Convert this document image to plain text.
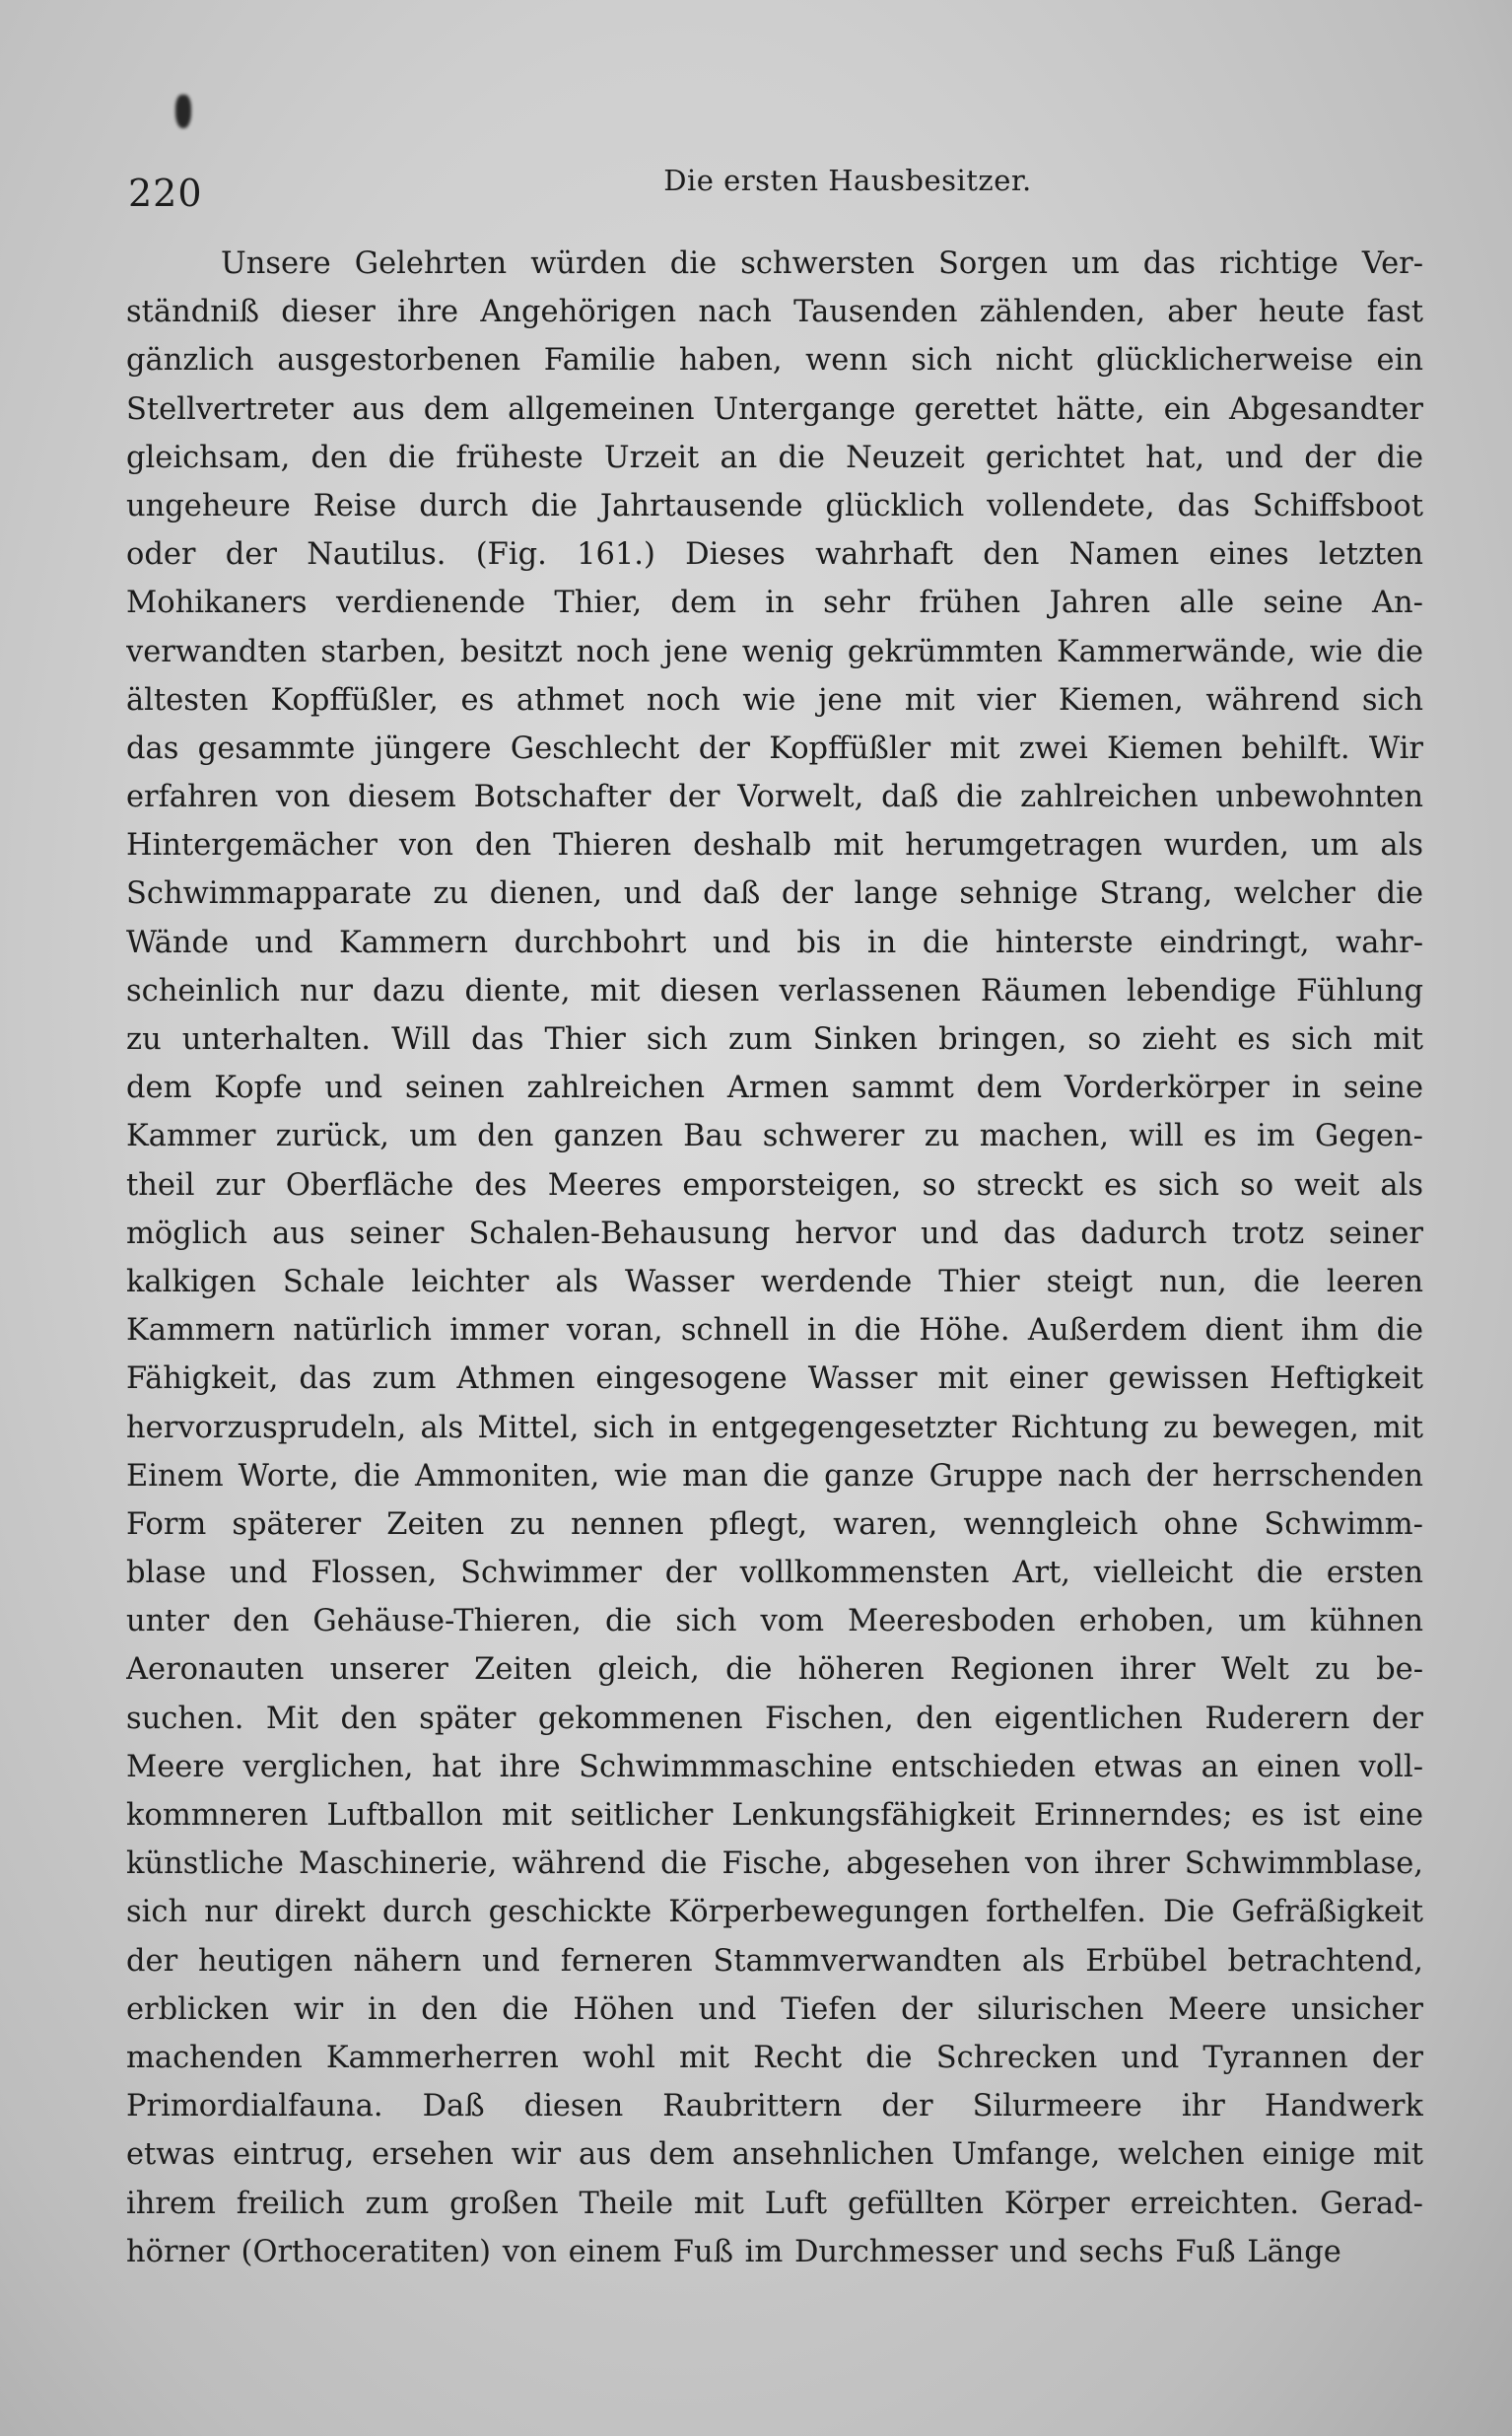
220	Die ersten Hausbesitzer.
Unsere Gelehrten würden die schwersten Sorgen um das richtige Ver-
ständniß dieser ihre Angehörigen nach Tausenden zählenden, aber heute fast
gänzlich ausgestorbenen Familie haben, wenn sich nicht glücklicherweise ein
Stellvertreter aus dem allgemeinen Untergange gerettet hätte, ein Abgesandter
gleichsam, den die früheste Urzeit an die Neuzeit gerichtet hat, und der die
ungeheure Reise durch die Jahrtausende glücklich vollendete, das Schiffsboot
oder der Nautilus. (Fig. 161.) Dieses wahrhaft den Namen eines letzten
Mohikaners verdienende Thier, dem in sehr frühen Jahren alle seine An-
verwandten starben, besitzt noch jene wenig gekrümmten Kammerwände, wie die
ältesten Kopffüßler, es athmet noch wie jene mit vier Kiemen, während sich
das gesammte jüngere Geschlecht der Kopffüßler mit zwei Kiemen behilft. Wir
erfahren von diesem Botschafter der Vorwelt, daß die zahlreichen unbewohnten
Hintergemächer von den Thieren deshalb mit herumgetragen wurden, um als
Schwimmapparate zu dienen, und daß der lange sehnige Strang, welcher die
Wände und Kammern durchbohrt und bis in die hinterste eindringt, wahr-
scheinlich nur dazu diente, mit diesen verlassenen Räumen lebendige Fühlung
zu unterhalten. Will das Thier sich zum Sinken bringen, so zieht es sich mit
dem Kopfe und seinen zahlreichen Armen sammt dem Vorderkörper in seine
Kammer zurück, um den ganzen Bau schwerer zu machen, will es im Gegen-
theil zur Oberfläche des Meeres emporsteigen, so streckt es sich so weit als
möglich aus seiner Schalen-Behausung hervor und das dadurch trotz seiner
kalkigen Schale leichter als Wasser werdende Thier steigt nun, die leeren
Kammern natürlich immer voran, schnell in die Höhe. Außerdem dient ihm die
Fähigkeit, das zum Athmen eingesogene Wasser mit einer gewissen Heftigkeit
hervorzusprudeln, als Mittel, sich in entgegengesetzter Richtung zu bewegen, mit
Einem Worte, die Ammoniten, wie man die ganze Gruppe nach der herrschenden
Form späterer Zeiten zu nennen pflegt, waren, wenngleich ohne Schwimm-
blase und Flossen, Schwimmer der vollkommensten Art, vielleicht die ersten
unter den Gehäuse-Thieren, die sich vom Meeresboden erhoben, um kühnen
Aeronauten unserer Zeiten gleich, die höheren Regionen ihrer Welt zu be-
suchen. Mit den später gekommenen Fischen, den eigentlichen Ruderern der
Meere verglichen, hat ihre Schwimmmaschine entschieden etwas an einen voll-
kommneren Luftballon mit seitlicher Lenkungsfähigkeit Erinnerndes; es ist eine
künstliche Maschinerie, während die Fische, abgesehen von ihrer Schwimmblase,
sich nur direkt durch geschickte Körperbewegungen forthelfen. Die Gefräßigkeit
der heutigen nähern und ferneren Stammverwandten als Erbübel betrachtend,
erblicken wir in den die Höhen und Tiefen der silurischen Meere unsicher
machenden Kammerherren wohl mit Recht die Schrecken und Tyrannen der
Primordialfauna. Daß diesen Raubrittern der Silurmeere ihr Handwerk
etwas eintrug, ersehen wir aus dem ansehnlichen Umfange, welchen einige mit
ihrem freilich zum großen Theile mit Luft gefüllten Körper erreichten. Gerad-
hörner (Orthoceratiten) von einem Fuß im Durchmesser und sechs Fuß Länge
